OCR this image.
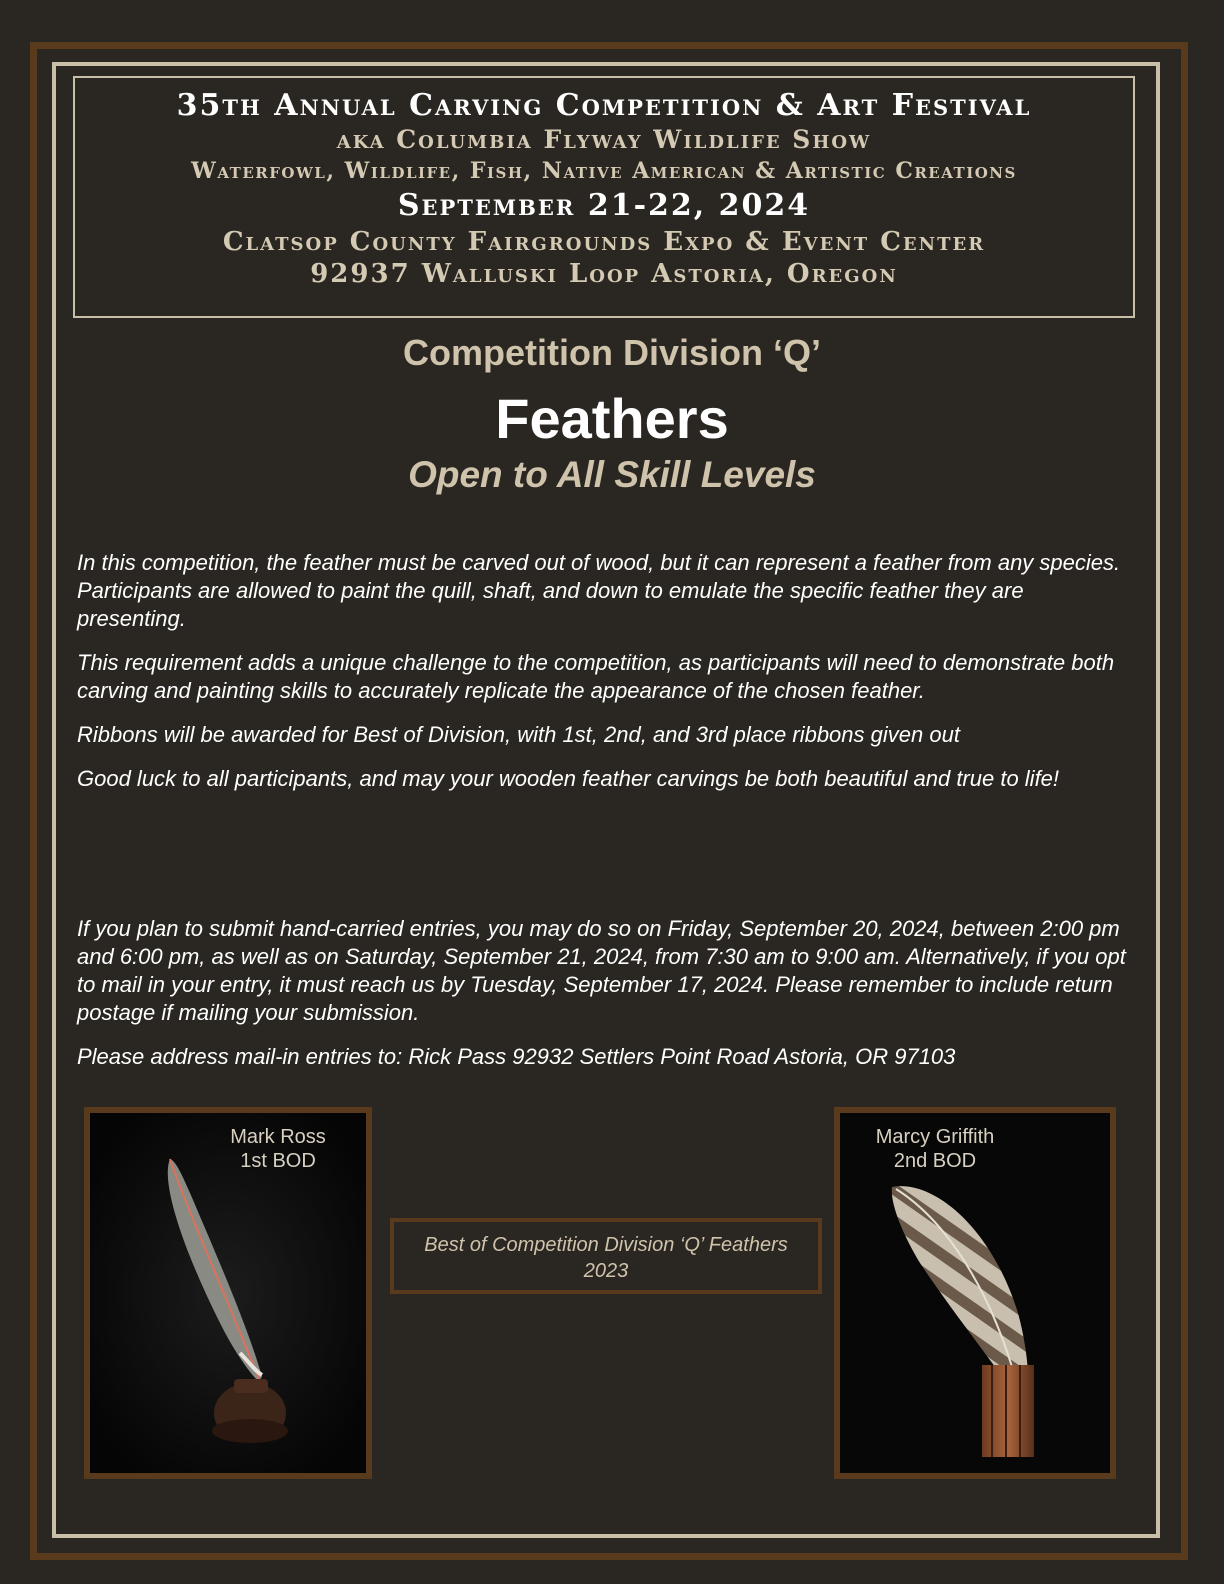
35th Annual Carving Competition & Art Festival

aka Columbia Flyway Wildlife Show

Waterfowl, Wildlife, Fish, Native American & Artistic Creations

September 21-22, 2024

Clatsop County Fairgrounds Expo & Event Center

92937 Walluski Loop Astoria, Oregon

Competition Division ‘Q’
Feathers
Open to All Skill Levels

In this competition, the feather must be carved out of wood, but it can represent a feather from any species. Participants are allowed to paint the quill, shaft, and down to emulate the specific feather they are presenting.

This requirement adds a unique challenge to the competition, as participants will need to demonstrate both carving and painting skills to accurately replicate the appearance of the chosen feather.

Ribbons will be awarded for Best of Division, with 1st, 2nd, and 3rd place ribbons given out

Good luck to all participants, and may your wooden feather carvings be both beautiful and true to life!

If you plan to submit hand-carried entries, you may do so on Friday, September 20, 2024, between 2:00 pm and 6:00 pm, as well as on Saturday, September 21, 2024, from 7:30 am to 9:00 am. Alternatively, if you opt to mail in your entry, it must reach us by Tuesday, September 17, 2024. Please remember to include return postage if mailing your submission.

Please address mail-in entries to: Rick Pass 92932 Settlers Point Road Astoria, OR 97103

Mark Ross
1st BOD
Best of Competition Division ‘Q’ Feathers
2023
Marcy Griffith
2nd BOD
